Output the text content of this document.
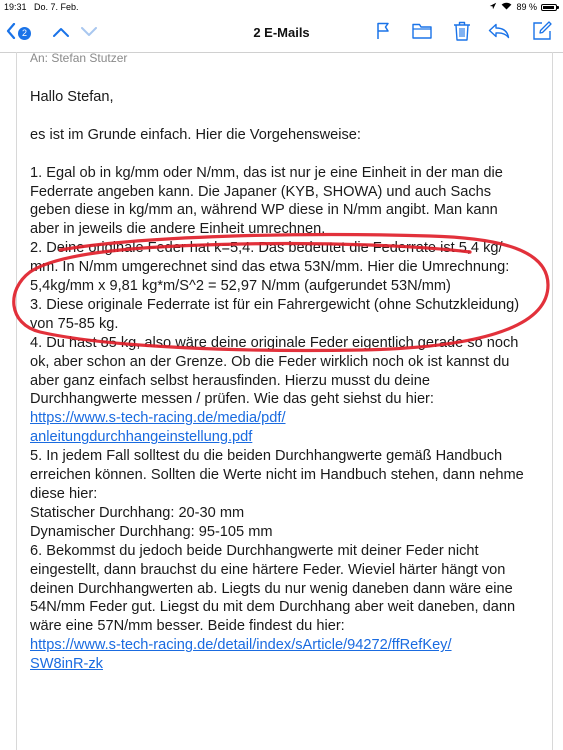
19:31 Do. 7. Feb.	89 %
2 E-Mails
2
An: Stefan Stutzer

Hallo Stefan,

es ist im Grunde einfach. Hier die Vorgehensweise:

1. Egal ob in kg/mm oder N/mm, das ist nur je eine Einheit in der man die

Federrate angeben kann. Die Japaner (KYB, SHOWA) und auch Sachs

geben diese in kg/mm an, während WP diese in N/mm angibt. Man kann

aber in jeweils die andere Einheit umrechnen.

2. Deine originale Feder hat k=5,4. Das bedeutet die Federrate ist 5,4 kg/

mm. In N/mm umgerechnet sind das etwa 53N/mm. Hier die Umrechnung:

5,4kg/mm x 9,81 kg*m/S^2 = 52,97 N/mm (aufgerundet 53N/mm)

3. Diese originale Federrate ist für ein Fahrergewicht (ohne Schutzkleidung)

von 75-85 kg.

4. Du hast 85 kg, also wäre deine originale Feder eigentlich gerade so noch

ok, aber schon an der Grenze. Ob die Feder wirklich noch ok ist kannst du

aber ganz einfach selbst herausfinden. Hierzu musst du deine

Durchhangwerte messen / prüfen. Wie das geht siehst du hier:

https://www.s-tech-racing.de/media/pdf/

anleitungdurchhangeinstellung.pdf

5. In jedem Fall solltest du die beiden Durchhangwerte gemäß Handbuch

erreichen können. Sollten die Werte nicht im Handbuch stehen, dann nehme

diese hier:

Statischer Durchhang: 20-30 mm

Dynamischer Durchhang: 95-105 mm

6. Bekommst du jedoch beide Durchhangwerte mit deiner Feder nicht

eingestellt, dann brauchst du eine härtere Feder. Wieviel härter hängt von

deinen Durchhangwerten ab. Liegts du nur wenig daneben dann wäre eine

54N/mm Feder gut. Liegst du mit dem Durchhang aber weit daneben, dann

wäre eine 57N/mm besser. Beide findest du hier:

https://www.s-tech-racing.de/detail/index/sArticle/94272/ffRefKey/

SW8inR-zk
